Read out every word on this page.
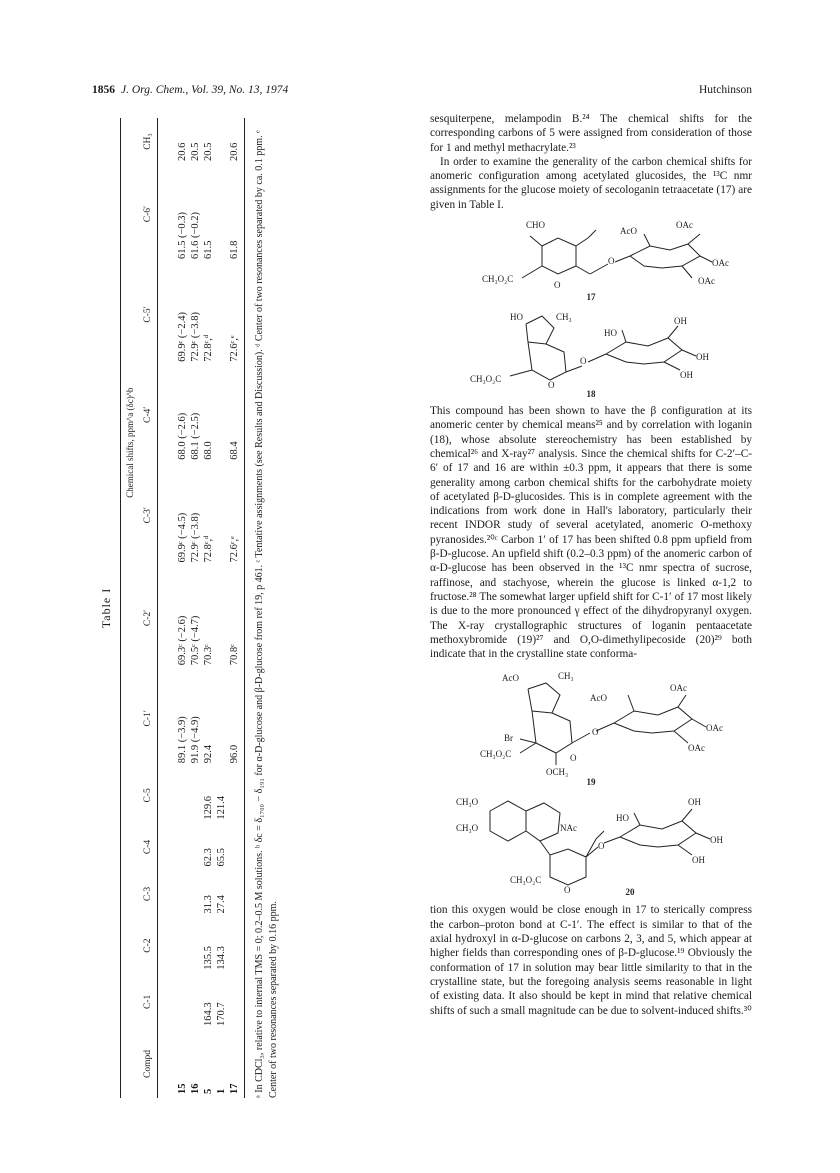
1856 J. Org. Chem., Vol. 39, No. 13, 1974	Hutchinson
Table I
						Chemical shifts, ppm^a (δc)^b						
Compd	C-1	C-2	C-3	C-4	C-5	C-1′	C-2′	C-3′	C-4′	C-5′	C-6′	CH₃

15						89.1 (−3.9)	69.3ᶜ (−2.6)	69.9ᶜ (−4.5)	68.0 (−2.6)	69.9ᶜ (−2.4)	61.5 (−0.3)	20.6
16						91.9 (−4.9)	70.5ᶜ (−4.7)	72.9ᶜ (−3.8)	68.1 (−2.5)	72.9ᶜ (−3.8)	61.6 (−0.2)	20.5
5	164.3	135.5	31.3	62.3	129.6	92.4	70.3ᶜ	72.8ᶜ,ᵈ	68.0	72.8ᶜ,ᵈ	61.5	20.5
1	170.7	134.3	27.4	65.5	121.4							
17						96.0	70.8ᶜ	72.6ᶜ,ᵉ	68.4	72.6ᶜ,ᵉ	61.8	20.6 ᵃ In CDCl₃, relative to internal TMS = 0; 0.2–0.5 M solutions. ᵇ δc = δ₁₇₀₀ − δ₁₉₁ for α-D-glucose and β-D-glucose from ref 19, p 461. ᶜ Tentative assignments (see Results and Discussion). ᵈ Center of two resonances separated by ca. 0.1 ppm. ᵉ Center of two resonances separated by 0.16 ppm.

sesquiterpene, melampodin B.²⁴ The chemical shifts for the corresponding carbons of 5 were assigned from consideration of those for 1 and methyl methacrylate.²³

In order to examine the generality of the carbon chemical shifts for anomeric configuration among acetylated glucosides, the ¹³C nmr assignments for the glucose moiety of secologanin tetraacetate (17) are given in Table I.

CHO
AcO
OAc
OAc
OAc
CH₃O₂C
O
O
17
HO	CH₃
HO
OH
OH
OH
CH₃O₂C
O
O
18

This compound has been shown to have the β configuration at its anomeric center by chemical means²⁵ and by correlation with loganin (18), whose absolute stereochemistry has been established by chemical²⁶ and X-ray²⁷ analysis. Since the chemical shifts for C-2′–C-6′ of 17 and 16 are within ±0.3 ppm, it appears that there is some generality among carbon chemical shifts for the carbohydrate moiety of acetylated β-D-glucosides. This is in complete agreement with the indications from work done in Hall's laboratory, particularly their recent INDOR study of several acetylated, anomeric O-methoxy pyranosides.²⁰ᶜ Carbon 1′ of 17 has been shifted 0.8 ppm upfield from β-D-glucose. An upfield shift (0.2–0.3 ppm) of the anomeric carbon of α-D-glucose has been observed in the ¹³C nmr spectra of sucrose, raffinose, and stachyose, wherein the glucose is linked α-1,2 to fructose.²⁸ The somewhat larger upfield shift for C-1′ of 17 most likely is due to the more pronounced γ effect of the dihydropyranyl oxygen. The X-ray crystallographic structures of loganin pentaacetate methoxybromide (19)²⁷ and O,O-dimethylipecoside (20)²⁹ both indicate that in the crystalline state conforma-

AcO	CH₃
AcO
OAc
OAc
OAc
Br
CH₃O₂C
OCH₃
O
O
19
CH₃O
CH₃O	NAc
HO
OH
OH
OH
CH₃O₂C
O
O
20

tion this oxygen would be close enough in 17 to sterically compress the carbon–proton bond at C-1′. The effect is similar to that of the axial hydroxyl in α-D-glucose on carbons 2, 3, and 5, which appear at higher fields than corresponding ones of β-D-glucose.¹⁹ Obviously the conformation of 17 in solution may bear little similarity to that in the crystalline state, but the foregoing analysis seems reasonable in light of existing data. It also should be kept in mind that relative chemical shifts of such a small magnitude can be due to solvent-induced shifts.³⁰
